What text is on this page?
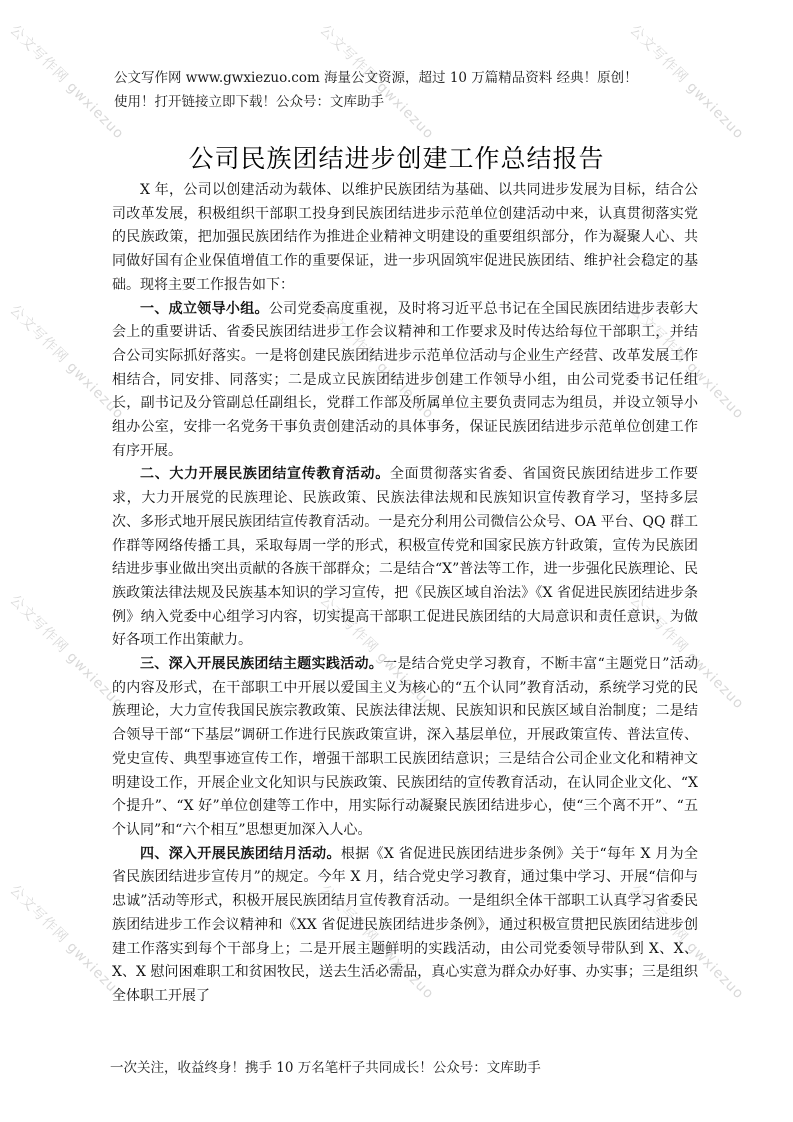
公文写作网 gwxiezuo	公文写作网 gwxiezuo	公文写作网 gwxiezuo
公文写作网 gwxiezuo	公文写作网 gwxiezuo	公文写作网 gwxiezuo
公文写作网 gwxiezuo	公文写作网 gwxiezuo	公文写作网 gwxiezuo
公文写作网 gwxiezuo	公文写作网 gwxiezuo	公文写作网 gwxiezuo
公文写作网 www.gwxiezuo.com 海量公文资源，超过 10 万篇精品资料 经典！原创！
使用！打开链接立即下载！公众号：文库助手
公司民族团结进步创建工作总结报告

X 年，公司以创建活动为载体、以维护民族团结为基础、以共同进步发展为目标，结合公司改革发展，积极组织干部职工投身到民族团结进步示范单位创建活动中来，认真贯彻落实党的民族政策，把加强民族团结作为推进企业精神文明建设的重要组织部分，作为凝聚人心、共同做好国有企业保值增值工作的重要保证，进一步巩固筑牢促进民族团结、维护社会稳定的基础。现将主要工作报告如下：

一、成立领导小组。公司党委高度重视，及时将习近平总书记在全国民族团结进步表彰大会上的重要讲话、省委民族团结进步工作会议精神和工作要求及时传达给每位干部职工，并结合公司实际抓好落实。一是将创建民族团结进步示范单位活动与企业生产经营、改革发展工作相结合，同安排、同落实；二是成立民族团结进步创建工作领导小组，由公司党委书记任组长，副书记及分管副总任副组长，党群工作部及所属单位主要负责同志为组员，并设立领导小组办公室，安排一名党务干事负责创建活动的具体事务，保证民族团结进步示范单位创建工作有序开展。

二、大力开展民族团结宣传教育活动。全面贯彻落实省委、省国资民族团结进步工作要求，大力开展党的民族理论、民族政策、民族法律法规和民族知识宣传教育学习，坚持多层次、多形式地开展民族团结宣传教育活动。一是充分利用公司微信公众号、OA 平台、QQ 群工作群等网络传播工具，采取每周一学的形式，积极宣传党和国家民族方针政策，宣传为民族团结进步事业做出突出贡献的各族干部群众；二是结合“X”普法等工作，进一步强化民族理论、民族政策法律法规及民族基本知识的学习宣传，把《民族区域自治法》《X 省促进民族团结进步条例》纳入党委中心组学习内容，切实提高干部职工促进民族团结的大局意识和责任意识，为做好各项工作出策献力。

三、深入开展民族团结主题实践活动。一是结合党史学习教育，不断丰富“主题党日”活动的内容及形式，在干部职工中开展以爱国主义为核心的“五个认同”教育活动，系统学习党的民族理论，大力宣传我国民族宗教政策、民族法律法规、民族知识和民族区域自治制度；二是结合领导干部“下基层”调研工作进行民族政策宣讲，深入基层单位，开展政策宣传、普法宣传、党史宣传、典型事迹宣传工作，增强干部职工民族团结意识；三是结合公司企业文化和精神文明建设工作，开展企业文化知识与民族政策、民族团结的宣传教育活动，在认同企业文化、“X 个提升”、“X 好”单位创建等工作中，用实际行动凝聚民族团结进步心，使“三个离不开”、“五个认同”和“六个相互”思想更加深入人心。

四、深入开展民族团结月活动。根据《X 省促进民族团结进步条例》关于“每年 X 月为全省民族团结进步宣传月”的规定。今年 X 月，结合党史学习教育，通过集中学习、开展“信仰与忠诚”活动等形式，积极开展民族团结月宣传教育活动。一是组织全体干部职工认真学习省委民族团结进步工作会议精神和《XX 省促进民族团结进步条例》，通过积极宣贯把民族团结进步创建工作落实到每个干部身上；二是开展主题鲜明的实践活动，由公司党委领导带队到 X、X、X、X 慰问困难职工和贫困牧民，送去生活必需品，真心实意为群众办好事、办实事；三是组织全体职工开展了

一次关注，收益终身！携手 10 万名笔杆子共同成长！公众号：文库助手
